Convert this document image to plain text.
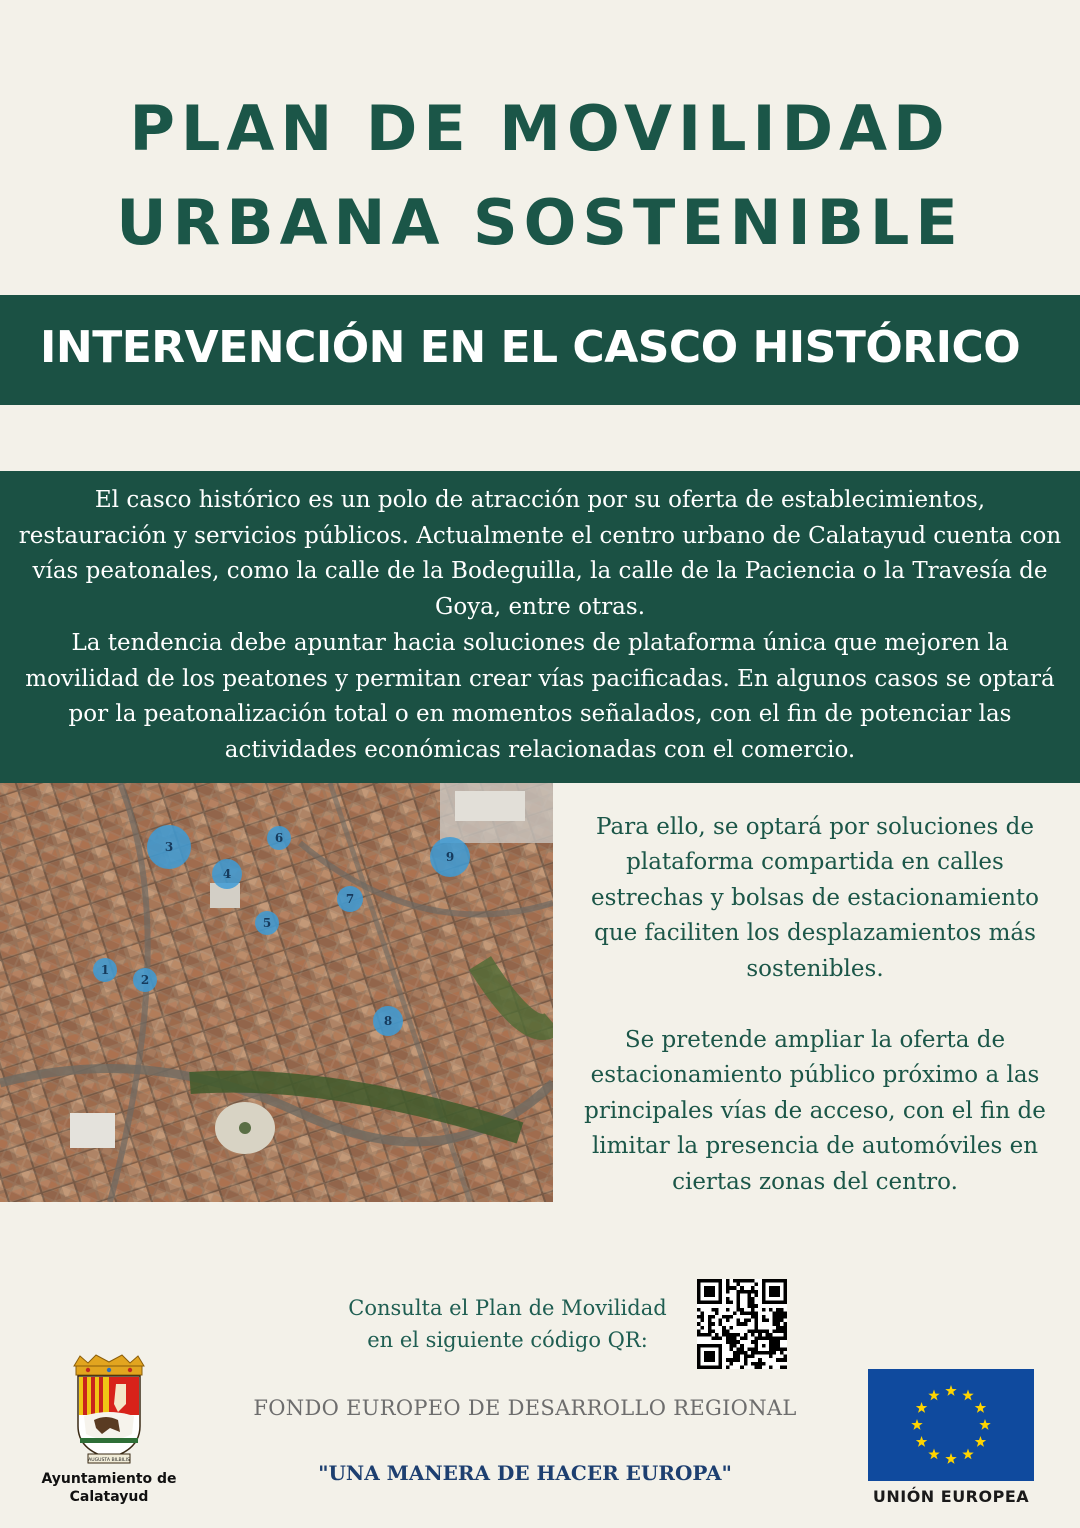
PLAN DE MOVILIDAD
URBANA SOSTENIBLE
INTERVENCIÓN EN EL CASCO HISTÓRICO

El casco histórico es un polo de atracción por su oferta de establecimientos, restauración y servicios públicos. Actualmente el centro urbano de Calatayud cuenta con vías peatonales, como la calle de la Bodeguilla, la calle de la Paciencia o la Travesía de Goya, entre otras.

La tendencia debe apuntar hacia soluciones de plataforma única que mejoren la movilidad de los peatones y permitan crear vías pacificadas. En algunos casos se optará por la peatonalización total o en momentos señalados, con el fin de potenciar las actividades económicas relacionadas con el comercio.

1
2
3
4
5
6
7
8
9

Para ello, se optará por soluciones de plataforma compartida en calles estrechas y bolsas de estacionamiento que faciliten los desplazamientos más sostenibles.

Se pretende ampliar la oferta de estacionamiento público próximo a las principales vías de acceso, con el fin de limitar la presencia de automóviles en ciertas zonas del centro.

Consulta el Plan de Movilidad

en el siguiente código QR:

AUGUSTA BILBILIS
Ayuntamiento de
Calatayud
FONDO EUROPEO DE DESARROLLO REGIONAL
"UNA MANERA DE HACER EUROPA"
UNIÓN EUROPEA
